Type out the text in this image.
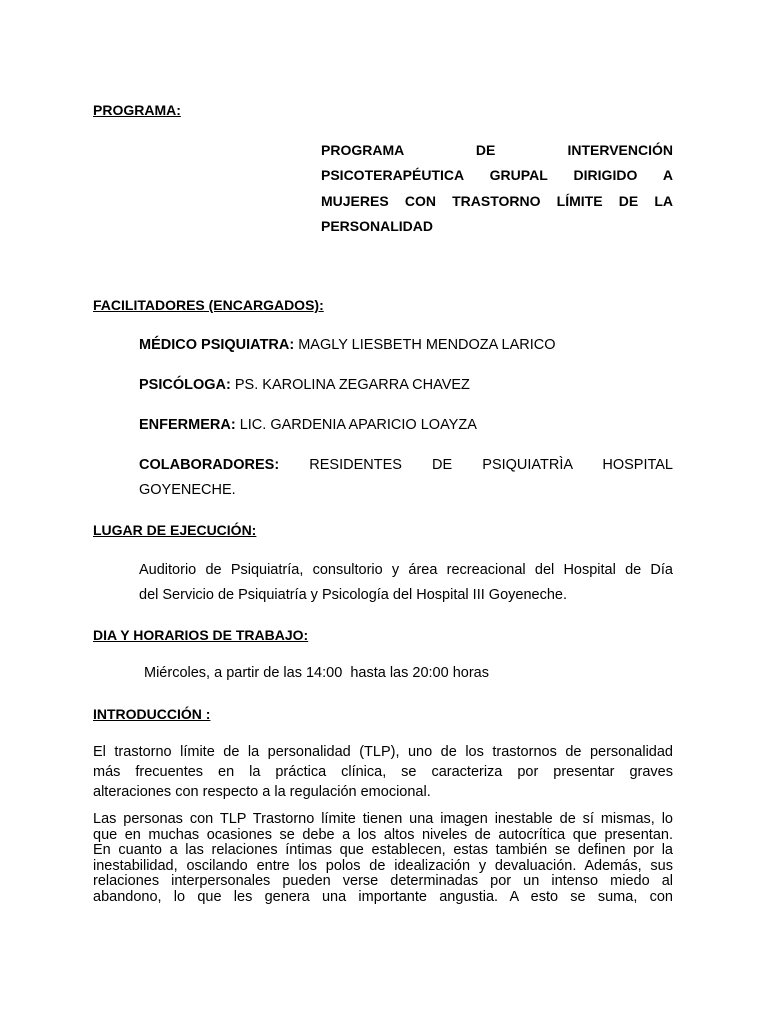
PROGRAMA:
PROGRAMA DE INTERVENCIÓN
PSICOTERAPÉUTICA GRUPAL DIRIGIDO A
MUJERES CON TRASTORNO LÍMITE DE LA
PERSONALIDAD
FACILITADORES (ENCARGADOS):
MÉDICO PSIQUIATRA: MAGLY LIESBETH MENDOZA LARICO
PSICÓLOGA: PS. KAROLINA ZEGARRA CHAVEZ
ENFERMERA: LIC. GARDENIA APARICIO LOAYZA
COLABORADORES: RESIDENTES DE PSIQUIATRÌA HOSPITAL
GOYENECHE.
LUGAR DE EJECUCIÓN:
Auditorio de Psiquiatría, consultorio y área recreacional del Hospital de Día
del Servicio de Psiquiatría y Psicología del Hospital III Goyeneche.
DIA Y HORARIOS DE TRABAJO:
Miércoles, a partir de las 14:00  hasta las 20:00 horas
INTRODUCCIÓN :
El trastorno límite de la personalidad (TLP), uno de los trastornos de personalidad
más frecuentes en la práctica clínica, se caracteriza por presentar graves
alteraciones con respecto a la regulación emocional.
Las personas con TLP Trastorno límite tienen una imagen inestable de sí mismas, lo
que en muchas ocasiones se debe a los altos niveles de autocrítica que presentan.
En cuanto a las relaciones íntimas que establecen, estas también se definen por la
inestabilidad, oscilando entre los polos de idealización y devaluación. Además, sus
relaciones interpersonales pueden verse determinadas por un intenso miedo al
abandono, lo que les genera una importante angustia. A esto se suma, con
